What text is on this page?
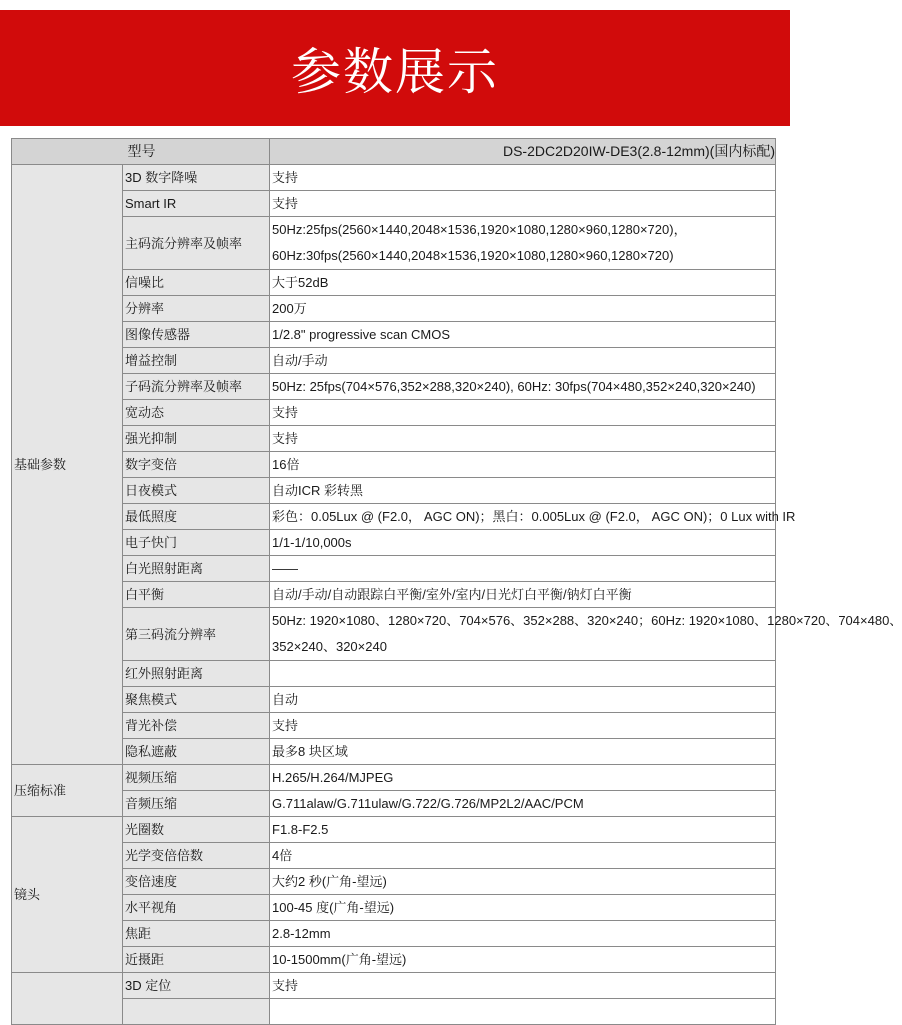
参数展示
型号		DS-2DC2D20IW-DE3(2.8-12mm)(国内标配)
基础参数	3D 数字降噪	支持
	Smart IR	支持
	主码流分辨率及帧率	50Hz:25fps(2560×1440,2048×1536,1920×1080,1280×960,1280×720)，
60Hz:30fps(2560×1440,2048×1536,1920×1080,1280×960,1280×720)

	信噪比	大于52dB
	分辨率	200万
	图像传感器	1/2.8" progressive scan CMOS
	增益控制	自动/手动
	子码流分辨率及帧率	50Hz: 25fps(704×576,352×288,320×240), 60Hz: 30fps(704×480,352×240,320×240)
	宽动态	支持
	强光抑制	支持
	数字变倍	16倍
	日夜模式	自动ICR 彩转黑
	最低照度	彩色：0.05Lux @ (F2.0， AGC ON)；黑白：0.005Lux @ (F2.0， AGC ON)；0 Lux with IR
	电子快门	1/1-1/10,000s
	白光照射距离	——
	白平衡	自动/手动/自动跟踪白平衡/室外/室内/日光灯白平衡/钠灯白平衡
	第三码流分辨率	50Hz: 1920×1080、1280×720、704×576、352×288、320×240；60Hz: 1920×1080、1280×720、704×480、
352×240、320×240

	红外照射距离	
	聚焦模式	自动
	背光补偿	支持
	隐私遮蔽	最多8 块区域
压缩标准	视频压缩	H.265/H.264/MJPEG
	音频压缩	G.711alaw/G.711ulaw/G.722/G.726/MP2L2/AAC/PCM
镜头	光圈数	F1.8-F2.5
	光学变倍倍数	4倍
	变倍速度	大约2 秒(广角-望远)
	水平视角	100-45 度(广角-望远)
	焦距	2.8-12mm
	近摄距	10-1500mm(广角-望远)
	3D 定位	支持
